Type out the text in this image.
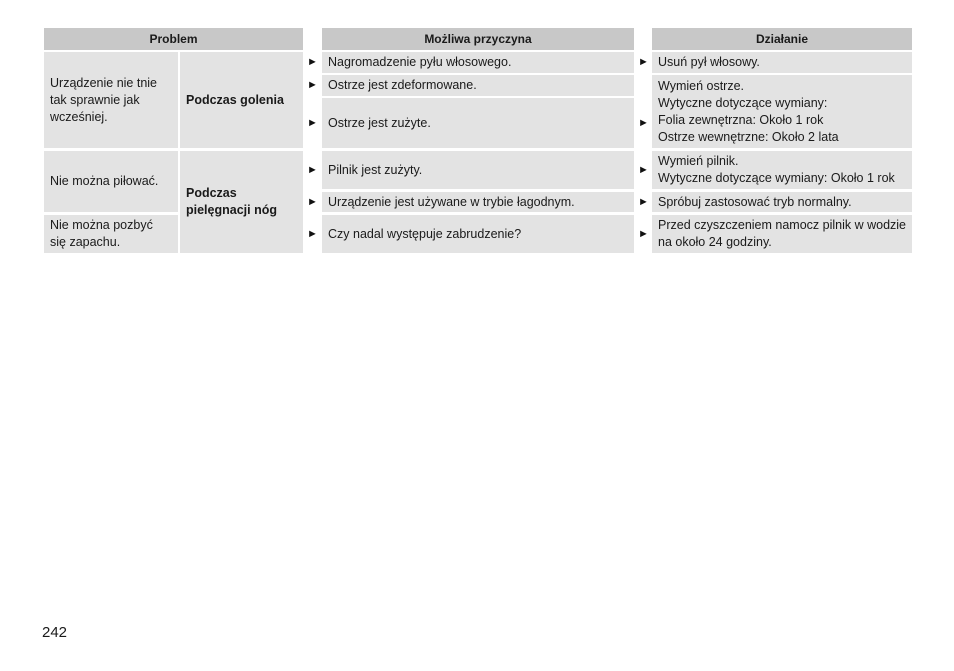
Problem	Możliwa przyczyna	Działanie
Urządzenie nie tnie tak sprawnie jak wcześniej.
Nie można piłować.
Nie można pozbyć się zapachu.
Podczas golenia
Podczas pielęgnacji nóg
► Nagromadzenie pyłu włosowego.
► Ostrze jest zdeformowane.
► Ostrze jest zużyte.
► Pilnik jest zużyty.
► Urządzenie jest używane w trybie łagodnym.
► Czy nadal występuje zabrudzenie?
► Usuń pył włosowy.
►
Wymień ostrze.
Wytyczne dotyczące wymiany:
Folia zewnętrzna: Około 1 rok
Ostrze wewnętrzne: Około 2 lata
►
Wymień pilnik.
Wytyczne dotyczące wymiany: Około 1 rok
► Spróbuj zastosować tryb normalny.
►
Przed czyszczeniem namocz pilnik w wodzie na około 24 godziny.
242
